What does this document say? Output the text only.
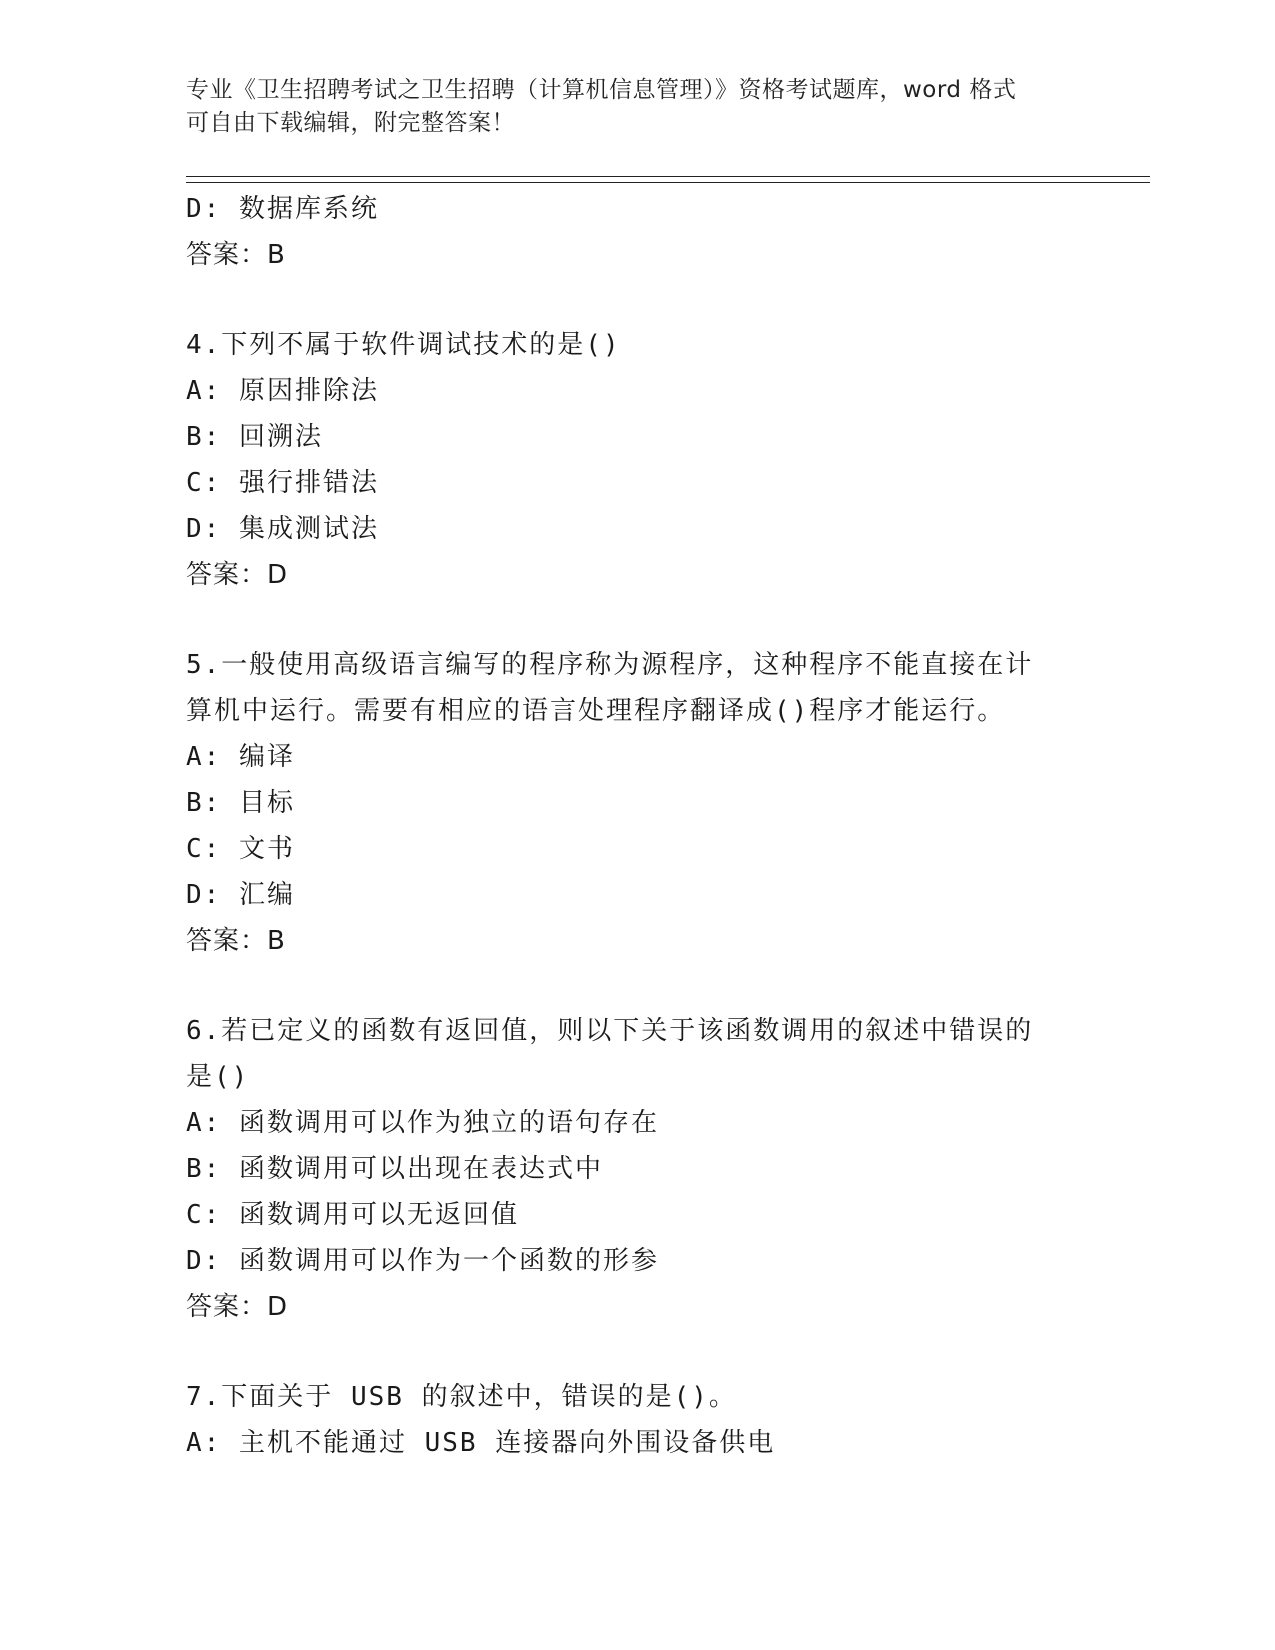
专业《卫生招聘考试之卫生招聘（计算机信息管理）》资格考试题库，word 格式
可自由下载编辑，附完整答案！
D: 数据库系统
答案：B
4.下列不属于软件调试技术的是()
A: 原因排除法
B: 回溯法
C: 强行排错法
D: 集成测试法
答案：D
5.一般使用高级语言编写的程序称为源程序，这种程序不能直接在计
算机中运行。需要有相应的语言处理程序翻译成()程序才能运行。
A: 编译
B: 目标
C: 文书
D: 汇编
答案：B
6.若已定义的函数有返回值，则以下关于该函数调用的叙述中错误的
是()
A: 函数调用可以作为独立的语句存在
B: 函数调用可以出现在表达式中
C: 函数调用可以无返回值
D: 函数调用可以作为一个函数的形参
答案：D
7.下面关于 USB 的叙述中，错误的是()。
A: 主机不能通过 USB 连接器向外围设备供电
